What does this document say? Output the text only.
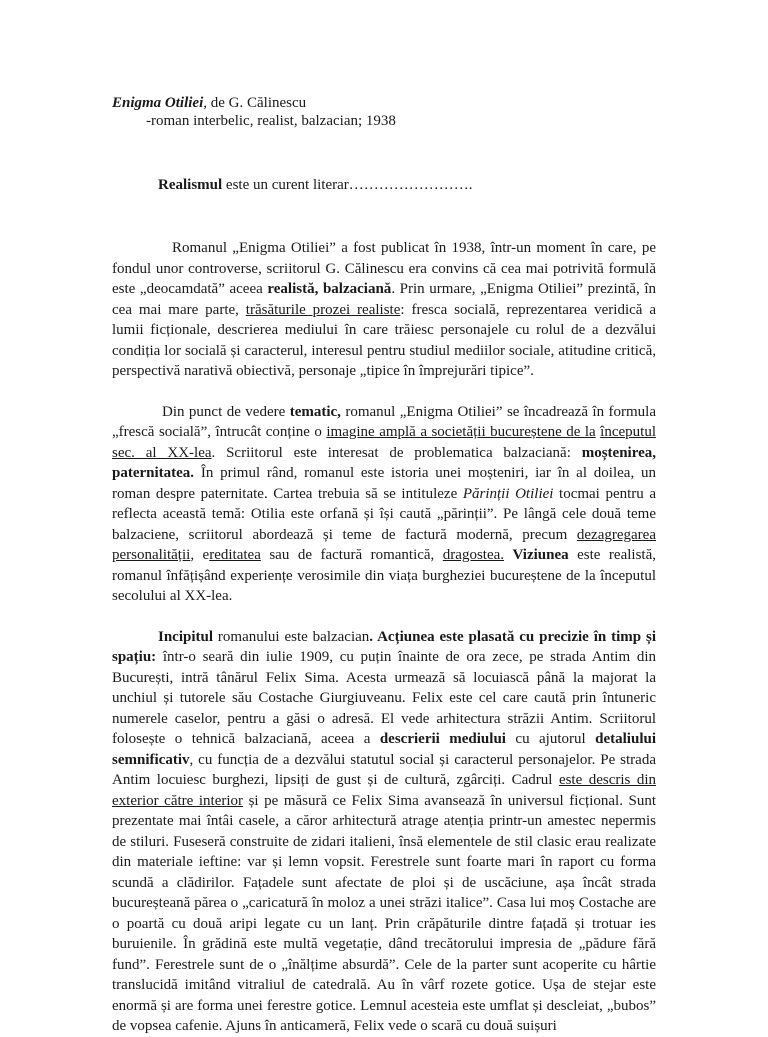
Enigma Otiliei, de G. Călinescu

-roman interbelic, realist, balzacian; 1938

Realismul este un curent literar…………………….

Romanul „Enigma Otiliei” a fost publicat în 1938, într-un moment în care, pe fondul unor controverse, scriitorul G. Călinescu era convins că cea mai potrivită formulă este „deocamdată” aceea realistă, balzaciană. Prin urmare, „Enigma Otiliei” prezintă, în cea mai mare parte, trăsăturile prozei realiste: fresca socială, reprezentarea veridică a lumii ficționale, descrierea mediului în care trăiesc personajele cu rolul de a dezvălui condiția lor socială și caracterul, interesul pentru studiul mediilor sociale, atitudine critică, perspectivă narativă obiectivă, personaje „tipice în împrejurări tipice”.

Din punct de vedere tematic, romanul „Enigma Otiliei” se încadrează în formula „frescă socială”, întrucât conține o imagine amplă a societății bucureștene de la începutul sec. al XX-lea. Scriitorul este interesat de problematica balzaciană: moștenirea, paternitatea. În primul rând, romanul este istoria unei moșteniri, iar în al doilea, un roman despre paternitate. Cartea trebuia să se intituleze Părinții Otiliei tocmai pentru a reflecta această temă: Otilia este orfană și își caută „părinții”. Pe lângă cele două teme balzaciene, scriitorul abordează și teme de factură modernă, precum dezagregarea personalității, ereditatea sau de factură romantică, dragostea. Viziunea este realistă, romanul înfățișând experiențe verosimile din viața burgheziei bucureștene de la începutul secolului al XX-lea.

Incipitul romanului este balzacian. Acțiunea este plasată cu precizie în timp și spațiu: într-o seară din iulie 1909, cu puțin înainte de ora zece, pe strada Antim din București, intră tânărul Felix Sima. Acesta urmează să locuiască până la majorat la unchiul și tutorele său Costache Giurgiuveanu. Felix este cel care caută prin întuneric numerele caselor, pentru a găsi o adresă. El vede arhitectura străzii Antim. Scriitorul folosește o tehnică balzaciană, aceea a descrierii mediului cu ajutorul detaliului semnificativ, cu funcția de a dezvălui statutul social și caracterul personajelor. Pe strada Antim locuiesc burghezi, lipsiți de gust și de cultură, zgârciți. Cadrul este descris din exterior către interior și pe măsură ce Felix Sima avansează în universul ficțional. Sunt prezentate mai întâi casele, a căror arhitectură atrage atenția printr-un amestec nepermis de stiluri. Fuseseră construite de zidari italieni, însă elementele de stil clasic erau realizate din materiale ieftine: var și lemn vopsit. Ferestrele sunt foarte mari în raport cu forma scundă a clădirilor. Fațadele sunt afectate de ploi și de uscăciune, așa încât strada bucureșteană părea o „caricatură în moloz a unei străzi italice”. Casa lui moș Costache are o poartă cu două aripi legate cu un lanț. Prin crăpăturile dintre fațadă și trotuar ies buruienile. În grădină este multă vegetație, dând trecătorului impresia de „pădure fără fund”. Ferestrele sunt de o „înălțime absurdă”. Cele de la parter sunt acoperite cu hârtie translucidă imitând vitraliul de catedrală. Au în vârf rozete gotice. Ușa de stejar este enormă și are forma unei ferestre gotice. Lemnul acesteia este umflat și descleiat, „bubos” de vopsea cafenie. Ajuns în anticameră, Felix vede o scară cu două suișuri
